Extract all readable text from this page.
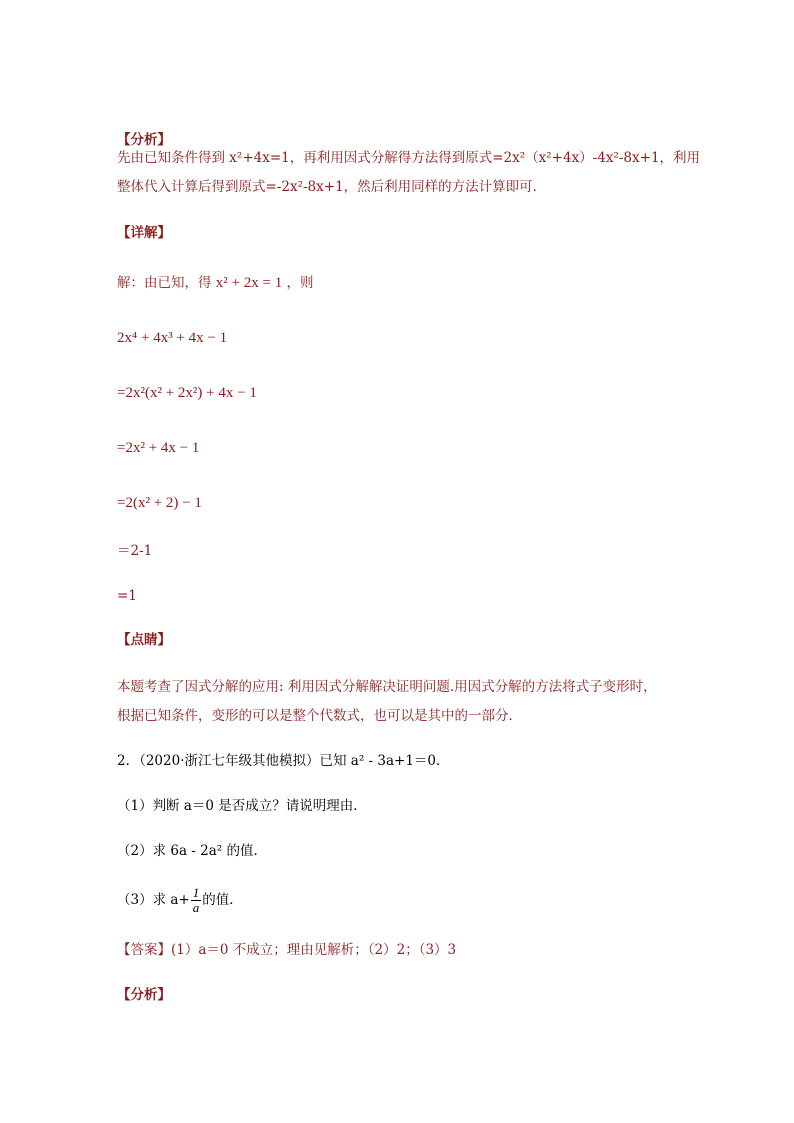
【分析】
先由已知条件得到 x²+4x=1，再利用因式分解得方法得到原式=2x²（x²+4x）-4x²-8x+1，利用
整体代入计算后得到原式=-2x²-8x+1，然后利用同样的方法计算即可．
【详解】
解：由已知，得 x² + 2x = 1 ，则
2x⁴ + 4x³ + 4x − 1
=2x²(x² + 2x²) + 4x − 1
=2x² + 4x − 1
=2(x² + 2) − 1
＝2-1
=1
【点睛】
本题考查了因式分解的应用: 利用因式分解解决证明问题.用因式分解的方法将式子变形时，
根据已知条件，变形的可以是整个代数式，也可以是其中的一部分．
2．（2020·浙江七年级其他模拟）已知 a² - 3a+1＝0．
（1）判断 a＝0 是否成立？请说明理由．
（2）求 6a - 2a² 的值．
（3）求 $a+ \frac{1}{a}$ 的值．
【答案】(1）a＝0 不成立；理由见解析；（2）2；（3）3
【分析】
